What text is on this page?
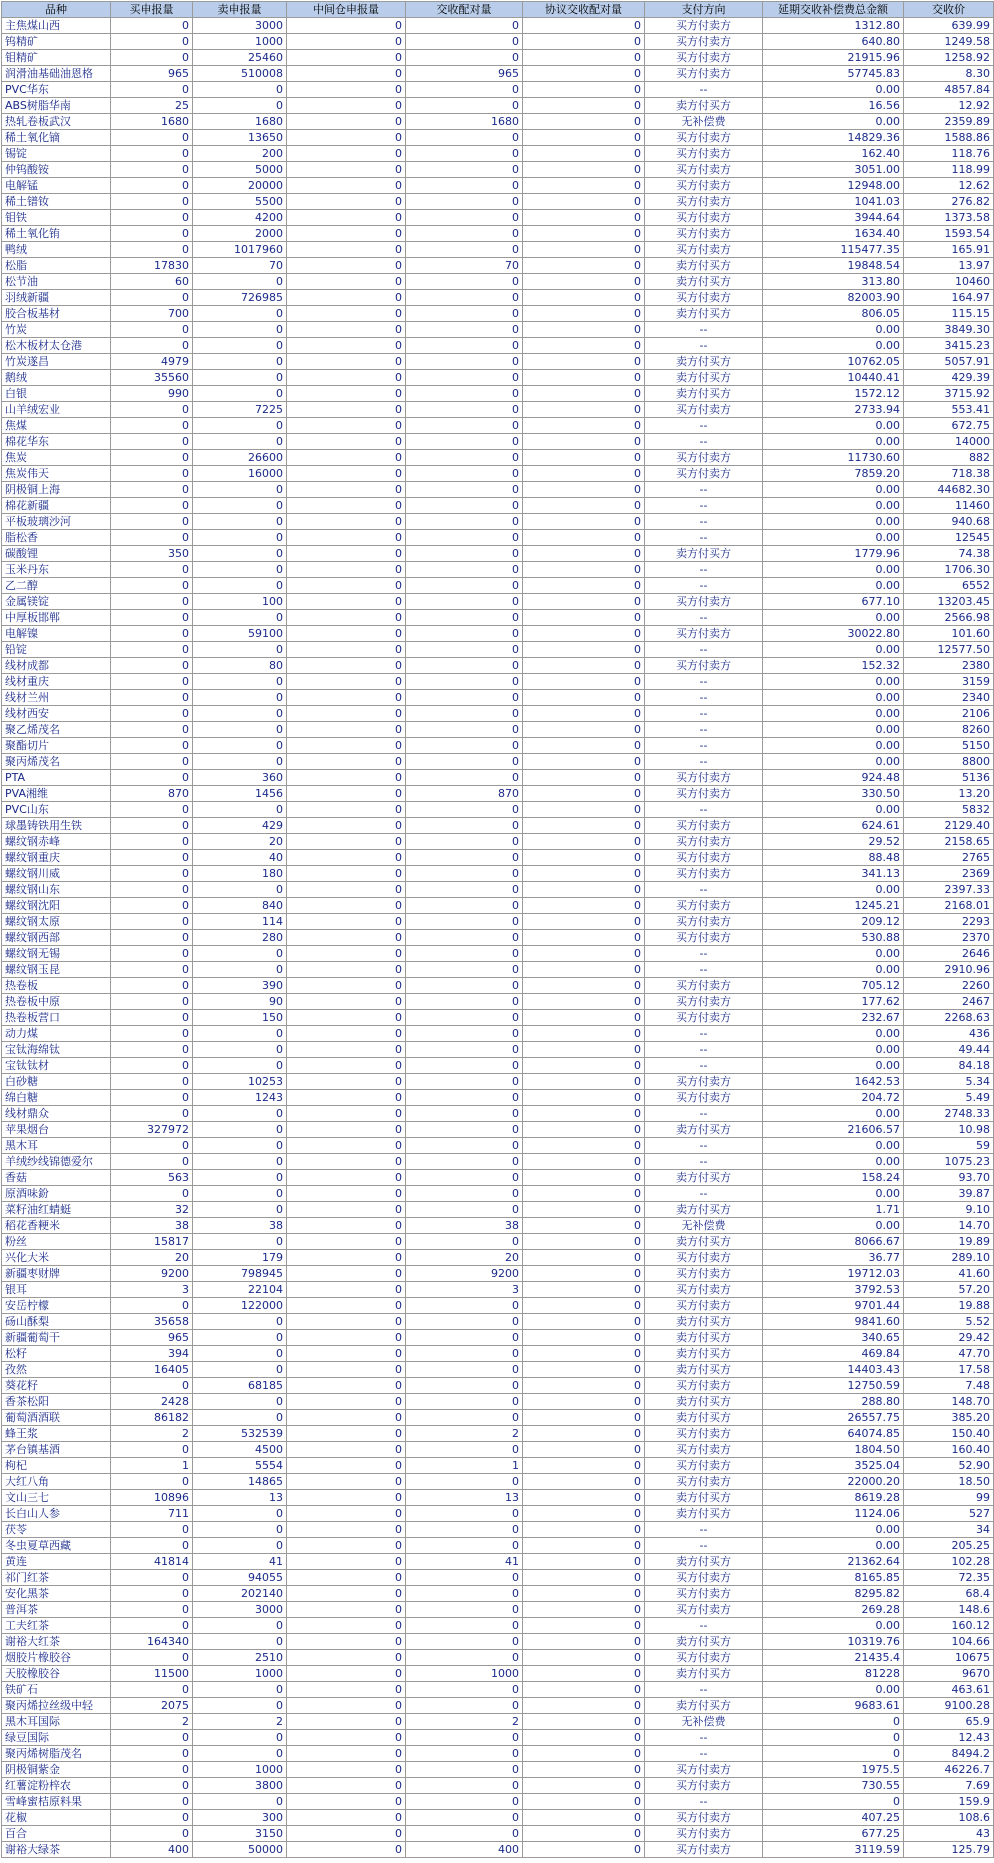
品种	买申报量	卖申报量	中间仓申报量	交收配对量	协议交收配对量	支付方向	延期交收补偿费总金额	交收价
主焦煤山西	0	3000	0	0	0	买方付卖方	1312.80	639.99
钨精矿	0	1000	0	0	0	买方付卖方	640.80	1249.58
钼精矿	0	25460	0	0	0	买方付卖方	21915.96	1258.92
润滑油基础油恩格	965	510008	0	965	0	买方付卖方	57745.83	8.30
PVC华东	0	0	0	0	0	--	0.00	4857.84
ABS树脂华南	25	0	0	0	0	卖方付买方	16.56	12.92
热轧卷板武汉	1680	1680	0	1680	0	无补偿费	0.00	2359.89
稀土氧化镝	0	13650	0	0	0	买方付卖方	14829.36	1588.86
锡锭	0	200	0	0	0	买方付卖方	162.40	118.76
仲钨酸铵	0	5000	0	0	0	买方付卖方	3051.00	118.99
电解锰	0	20000	0	0	0	买方付卖方	12948.00	12.62
稀土镨钕	0	5500	0	0	0	买方付卖方	1041.03	276.82
钼铁	0	4200	0	0	0	买方付卖方	3944.64	1373.58
稀土氧化铕	0	2000	0	0	0	买方付卖方	1634.40	1593.54
鸭绒	0	1017960	0	0	0	买方付卖方	115477.35	165.91
松脂	17830	70	0	70	0	卖方付买方	19848.54	13.97
松节油	60	0	0	0	0	卖方付买方	313.80	10460
羽绒新疆	0	726985	0	0	0	买方付卖方	82003.90	164.97
胶合板基材	700	0	0	0	0	卖方付买方	806.05	115.15
竹炭	0	0	0	0	0	--	0.00	3849.30
松木板材太仓港	0	0	0	0	0	--	0.00	3415.23
竹炭遂昌	4979	0	0	0	0	卖方付买方	10762.05	5057.91
鹅绒	35560	0	0	0	0	卖方付买方	10440.41	429.39
白银	990	0	0	0	0	卖方付买方	1572.12	3715.92
山羊绒宏业	0	7225	0	0	0	买方付卖方	2733.94	553.41
焦煤	0	0	0	0	0	--	0.00	672.75
棉花华东	0	0	0	0	0	--	0.00	14000
焦炭	0	26600	0	0	0	买方付卖方	11730.60	882
焦炭伟天	0	16000	0	0	0	买方付卖方	7859.20	718.38
阴极铜上海	0	0	0	0	0	--	0.00	44682.30
棉花新疆	0	0	0	0	0	--	0.00	11460
平板玻璃沙河	0	0	0	0	0	--	0.00	940.68
脂松香	0	0	0	0	0	--	0.00	12545
碳酸锂	350	0	0	0	0	卖方付买方	1779.96	74.38
玉米丹东	0	0	0	0	0	--	0.00	1706.30
乙二醇	0	0	0	0	0	--	0.00	6552
金属镁锭	0	100	0	0	0	买方付卖方	677.10	13203.45
中厚板邯郸	0	0	0	0	0	--	0.00	2566.98
电解镍	0	59100	0	0	0	买方付卖方	30022.80	101.60
铅锭	0	0	0	0	0	--	0.00	12577.50
线材成都	0	80	0	0	0	买方付卖方	152.32	2380
线材重庆	0	0	0	0	0	--	0.00	3159
线材兰州	0	0	0	0	0	--	0.00	2340
线材西安	0	0	0	0	0	--	0.00	2106
聚乙烯茂名	0	0	0	0	0	--	0.00	8260
聚酯切片	0	0	0	0	0	--	0.00	5150
聚丙烯茂名	0	0	0	0	0	--	0.00	8800
PTA	0	360	0	0	0	买方付卖方	924.48	5136
PVA湘维	870	1456	0	870	0	买方付卖方	330.50	13.20
PVC山东	0	0	0	0	0	--	0.00	5832
球墨铸铁用生铁	0	429	0	0	0	买方付卖方	624.61	2129.40
螺纹钢赤峰	0	20	0	0	0	买方付卖方	29.52	2158.65
螺纹钢重庆	0	40	0	0	0	买方付卖方	88.48	2765
螺纹钢川威	0	180	0	0	0	买方付卖方	341.13	2369
螺纹钢山东	0	0	0	0	0	--	0.00	2397.33
螺纹钢沈阳	0	840	0	0	0	买方付卖方	1245.21	2168.01
螺纹钢太原	0	114	0	0	0	买方付卖方	209.12	2293
螺纹钢西部	0	280	0	0	0	买方付卖方	530.88	2370
螺纹钢无锡	0	0	0	0	0	--	0.00	2646
螺纹钢玉昆	0	0	0	0	0	--	0.00	2910.96
热卷板	0	390	0	0	0	买方付卖方	705.12	2260
热卷板中原	0	90	0	0	0	买方付卖方	177.62	2467
热卷板营口	0	150	0	0	0	买方付卖方	232.67	2268.63
动力煤	0	0	0	0	0	--	0.00	436
宝钛海绵钛	0	0	0	0	0	--	0.00	49.44
宝钛钛材	0	0	0	0	0	--	0.00	84.18
白砂糖	0	10253	0	0	0	买方付卖方	1642.53	5.34
绵白糖	0	1243	0	0	0	买方付卖方	204.72	5.49
线材鼎众	0	0	0	0	0	--	0.00	2748.33
苹果烟台	327972	0	0	0	0	卖方付买方	21606.57	10.98
黑木耳	0	0	0	0	0	--	0.00	59
羊绒纱线锦德爱尔	0	0	0	0	0	--	0.00	1075.23
香菇	563	0	0	0	0	卖方付买方	158.24	93.70
原酒味鈖	0	0	0	0	0	--	0.00	39.87
菜籽油红蜻蜓	32	0	0	0	0	卖方付买方	1.71	9.10
稻花香粳米	38	38	0	38	0	无补偿费	0.00	14.70
粉丝	15817	0	0	0	0	卖方付买方	8066.67	19.89
兴化大米	20	179	0	20	0	买方付卖方	36.77	289.10
新疆枣财牌	9200	798945	0	9200	0	买方付卖方	19712.03	41.60
银耳	3	22104	0	3	0	买方付卖方	3792.53	57.20
安岳柠檬	0	122000	0	0	0	买方付卖方	9701.44	19.88
砀山酥梨	35658	0	0	0	0	卖方付买方	9841.60	5.52
新疆葡萄干	965	0	0	0	0	卖方付买方	340.65	29.42
松籽	394	0	0	0	0	卖方付买方	469.84	47.70
孜然	16405	0	0	0	0	卖方付买方	14403.43	17.58
葵花籽	0	68185	0	0	0	买方付卖方	12750.59	7.48
香茶松阳	2428	0	0	0	0	卖方付买方	288.80	148.70
葡萄酒酒联	86182	0	0	0	0	卖方付买方	26557.75	385.20
蜂王浆	2	532539	0	2	0	买方付卖方	64074.85	150.40
茅台镇基酒	0	4500	0	0	0	买方付卖方	1804.50	160.40
枸杞	1	5554	0	1	0	买方付卖方	3525.04	52.90
大红八角	0	14865	0	0	0	买方付卖方	22000.20	18.50
文山三七	10896	13	0	13	0	卖方付买方	8619.28	99
长白山人参	711	0	0	0	0	卖方付买方	1124.06	527
茯苓	0	0	0	0	0	--	0.00	34
冬虫夏草西藏	0	0	0	0	0	--	0.00	205.25
黄连	41814	41	0	41	0	卖方付买方	21362.64	102.28
祁门红茶	0	94055	0	0	0	买方付卖方	8165.85	72.35
安化黑茶	0	202140	0	0	0	买方付卖方	8295.82	68.4
普洱茶	0	3000	0	0	0	买方付卖方	269.28	148.6
工夫红茶	0	0	0	0	0	--	0.00	160.12
谢裕大红茶	164340	0	0	0	0	卖方付买方	10319.76	104.66
烟胶片橡胶谷	0	2510	0	0	0	买方付卖方	21435.4	10675
天胶橡胶谷	11500	1000	0	1000	0	卖方付买方	81228	9670
铁矿石	0	0	0	0	0	--	0.00	463.61
聚丙烯拉丝级中轻	2075	0	0	0	0	卖方付买方	9683.61	9100.28
黑木耳国际	2	2	0	2	0	无补偿费	0	65.9
绿豆国际	0	0	0	0	0	--	0	12.43
聚丙烯树脂茂名	0	0	0	0	0	--	0	8494.2
阴极铜紫金	0	1000	0	0	0	买方付卖方	1975.5	46226.7
红薯淀粉梓农	0	3800	0	0	0	买方付卖方	730.55	7.69
雪峰蜜桔原料果	0	0	0	0	0	--	0	159.9
花椒	0	300	0	0	0	买方付卖方	407.25	108.6
百合	0	3150	0	0	0	买方付卖方	677.25	43
谢裕大绿茶	400	50000	0	400	0	买方付卖方	3119.59	125.79
